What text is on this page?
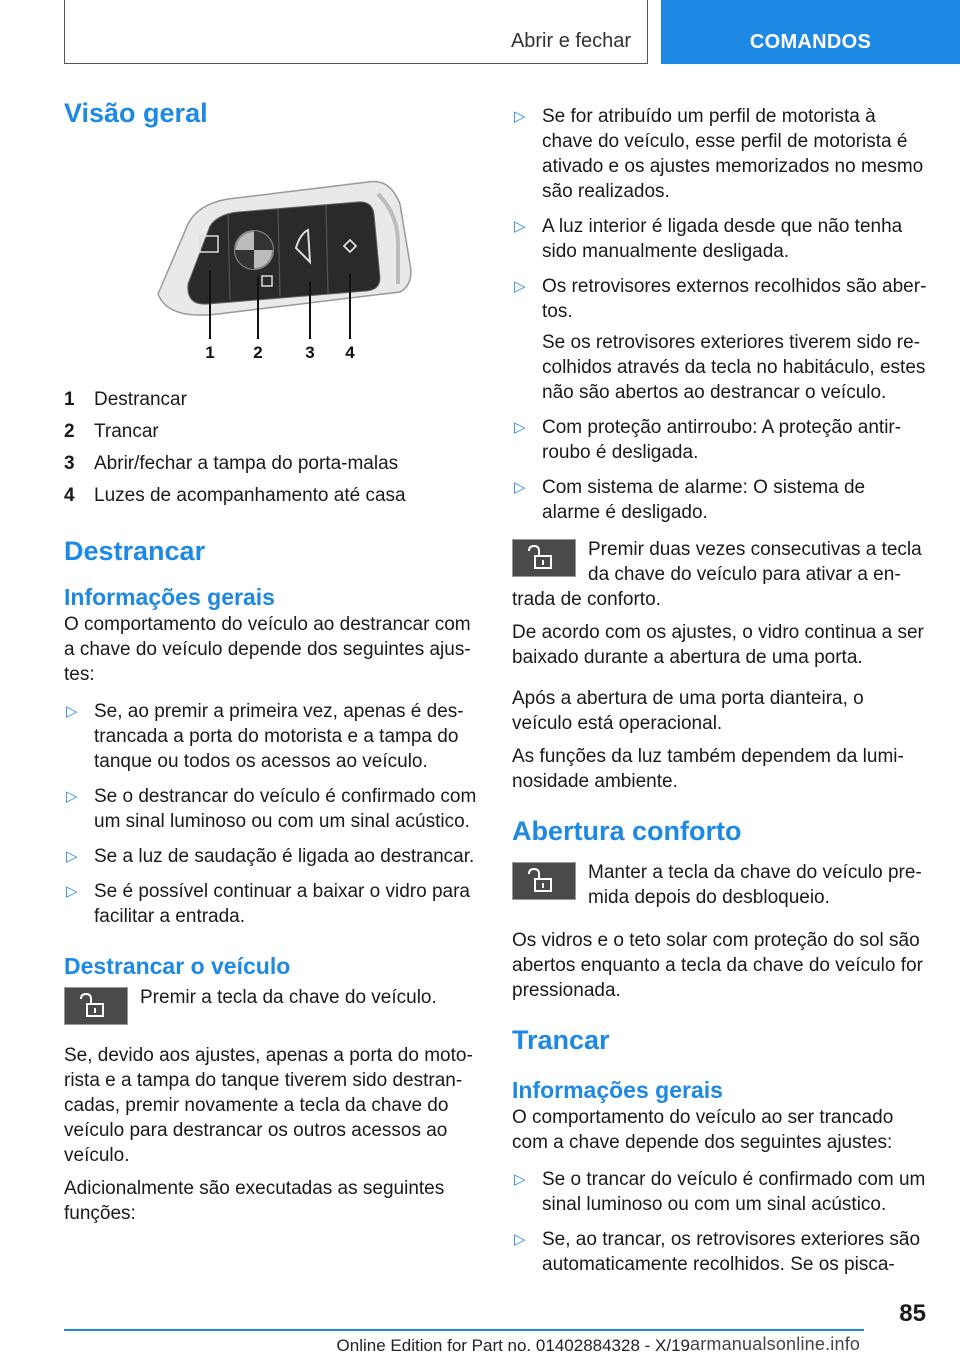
Abrir e fechar	COMANDOS
Visão geral
1 2	3 4
1	Destrancar
2	Trancar
3	Abrir/fechar a tampa do porta-malas
4	Luzes de acompanhamento até casa
Destrancar
Informações gerais

O comportamento do veículo ao destrancar com a chave do veículo depende dos seguintes ajustes:

▷ Se, ao premir a primeira vez, apenas é destrancada a porta do motorista e a tampa do tanque ou todos os acessos ao veículo.
▷ Se o destrancar do veículo é confirmado com um sinal luminoso ou com um sinal acústico.
▷ Se a luz de saudação é ligada ao destrancar.
▷ Se é possível continuar a baixar o vidro para facilitar a entrada.
Destrancar o veículo
Premir a tecla da chave do veículo.

Se, devido aos ajustes, apenas a porta do motorista e a tampa do tanque tiverem sido destrancadas, premir novamente a tecla da chave do veículo para destrancar os outros acessos ao veículo.

Adicionalmente são executadas as seguintes funções:

▷ Se for atribuído um perfil de motorista à chave do veículo, esse perfil de motorista é ativado e os ajustes memorizados no mesmo são realizados.
▷ A luz interior é ligada desde que não tenha sido manualmente desligada.
▷ Os retrovisores externos recolhidos são abertos.
Se os retrovisores exteriores tiverem sido recolhidos através da tecla no habitáculo, estes não são abertos ao destrancar o veículo.
▷ Com proteção antirroubo: A proteção antirroubo é desligada.
▷ Com sistema de alarme: O sistema de alarme é desligado.
Premir duas vezes consecutivas a tecla da chave do veículo para ativar a entrada de conforto.

De acordo com os ajustes, o vidro continua a ser baixado durante a abertura de uma porta.

Após a abertura de uma porta dianteira, o veículo está operacional.

As funções da luz também dependem da luminosidade ambiente.

Abertura conforto
Manter a tecla da chave do veículo premida depois do desbloqueio.

Os vidros e o teto solar com proteção do sol são abertos enquanto a tecla da chave do veículo for pressionada.

Trancar
Informações gerais

O comportamento do veículo ao ser trancado com a chave depende dos seguintes ajustes:

▷ Se o trancar do veículo é confirmado com um sinal luminoso ou com um sinal acústico.
▷ Se, ao trancar, os retrovisores exteriores são automaticamente recolhidos. Se os pisca-
85
Online Edition for Part no. 01402884328 - X/19 armanualsonline.info
